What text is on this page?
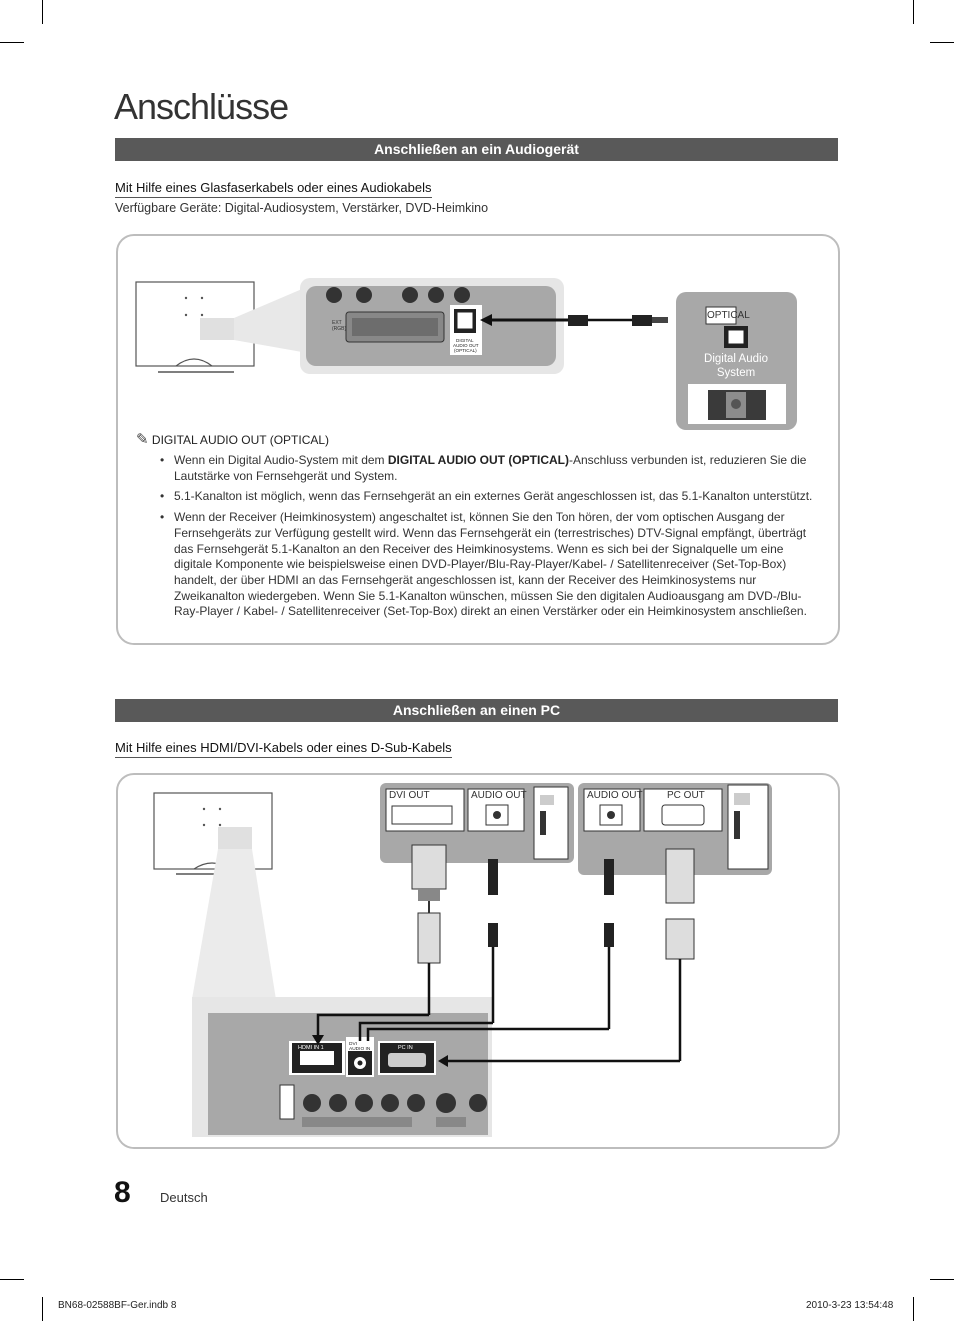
Anschlüsse
Anschließen an ein Audiogerät
Mit Hilfe eines Glasfaserkabels oder eines Audiokabels
Verfügbare Geräte: Digital-Audiosystem, Verstärker, DVD-Heimkino
EXT
(RGB)
DIGITAL
AUDIO OUT
(OPTICAL)
OPTICAL
Digital Audio
System
✎ DIGITAL AUDIO OUT (OPTICAL)
• Wenn ein Digital Audio-System mit dem DIGITAL AUDIO OUT (OPTICAL)-Anschluss verbunden ist, reduzieren Sie die Lautstärke von Fernsehgerät und System.
• 5.1-Kanalton ist möglich, wenn das Fernsehgerät an ein externes Gerät angeschlossen ist, das 5.1-Kanalton unterstützt.
• Wenn der Receiver (Heimkinosystem) angeschaltet ist, können Sie den Ton hören, der vom optischen Ausgang der Fernsehgeräts zur Verfügung gestellt wird. Wenn das Fernsehgerät ein (terrestrisches) DTV-Signal empfängt, überträgt das Fernsehgerät 5.1-Kanalton an den Receiver des Heimkinosystems. Wenn es sich bei der Signalquelle um eine digitale Komponente wie beispielsweise einen DVD-Player/Blu-Ray-Player/Kabel- / Satellitenreceiver (Set-Top-Box) handelt, der über HDMI an das Fernsehgerät angeschlossen ist, kann der Receiver des Heimkinosystems nur Zweikanalton wiedergeben. Wenn Sie 5.1-Kanalton wünschen, müssen Sie den digitalen Audioausgang am DVD-/Blu-Ray-Player / Kabel- / Satellitenreceiver (Set-Top-Box) direkt an einen Verstärker oder ein Heimkinosystem anschließen.
Anschließen an einen PC
Mit Hilfe eines HDMI/DVI-Kabels oder eines D-Sub-Kabels
HDMI IN 1
DVI
AUDIO IN	PC IN
DVI OUT	AUDIO OUT	AUDIO OUT PC OUT
8 Deutsch
BN68-02588BF-Ger.indb 8	2010-3-23 13:54:48
